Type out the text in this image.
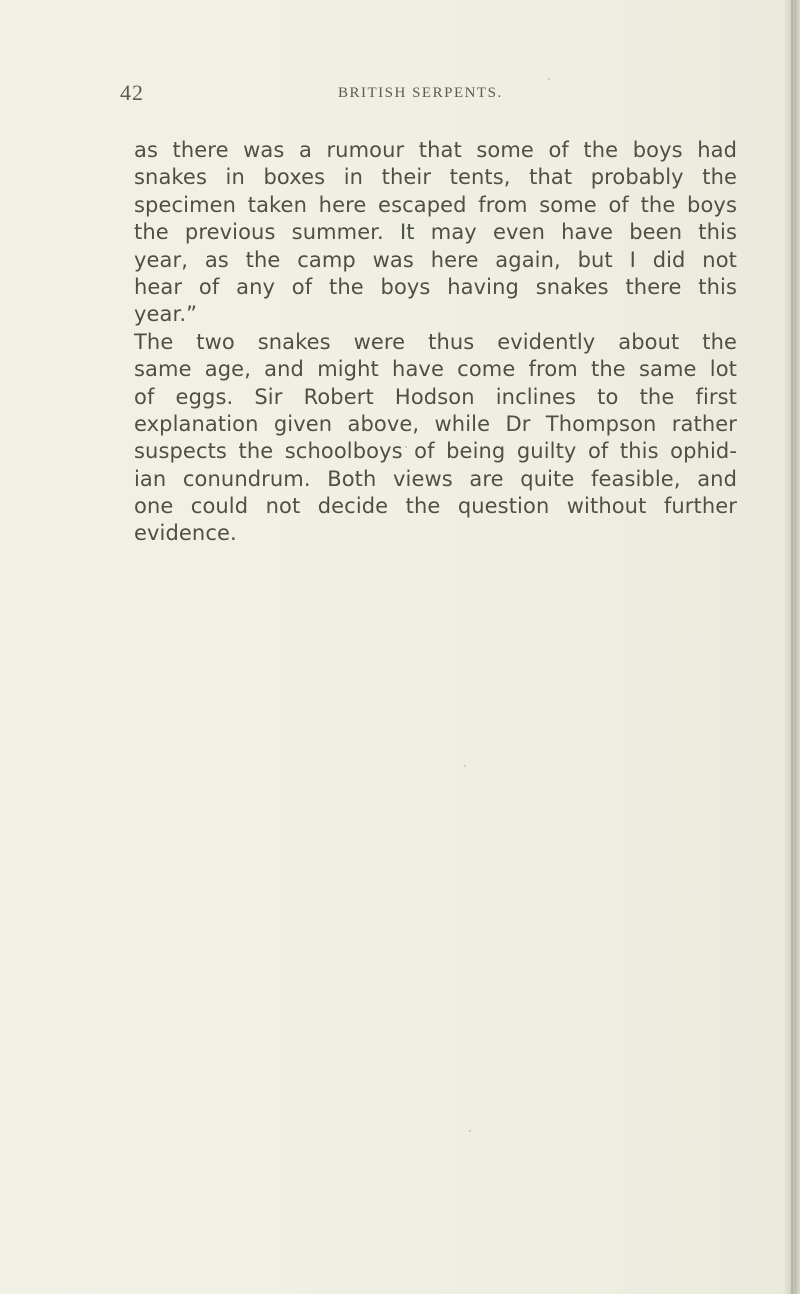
42	BRITISH SERPENTS.
as there was a rumour that some of the boys had
snakes in boxes in their tents, that probably the
specimen taken here escaped from some of the boys
the previous summer. It may even have been this
year, as the camp was here again, but I did not
hear of any of the boys having snakes there this
year.”
The two snakes were thus evidently about the
same age, and might have come from the same lot
of eggs. Sir Robert Hodson inclines to the first
explanation given above, while Dr Thompson rather
suspects the schoolboys of being guilty of this ophid-
ian conundrum. Both views are quite feasible, and
one could not decide the question without further
evidence.
